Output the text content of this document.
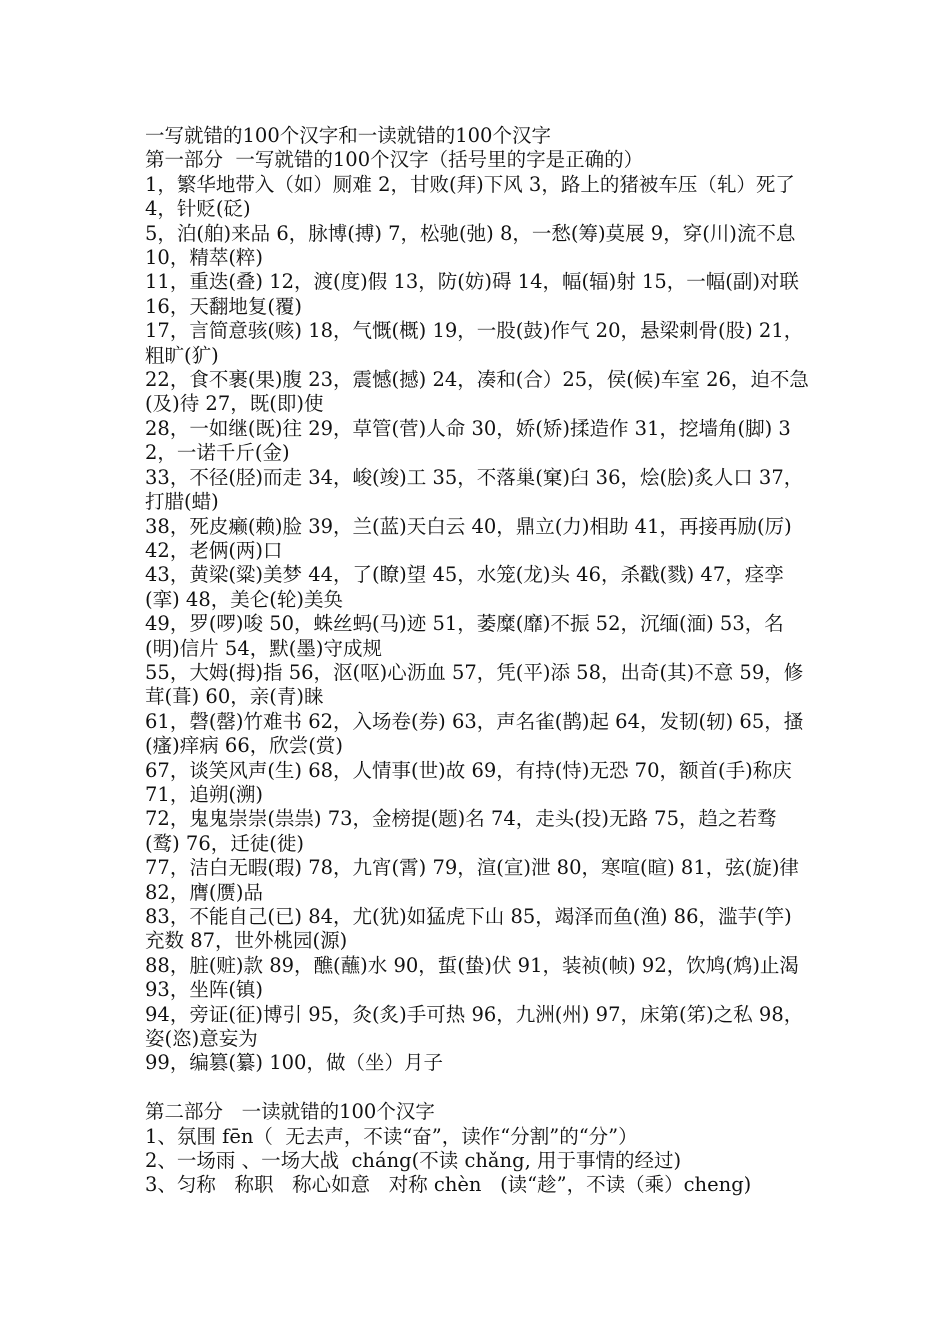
一写就错的100个汉字和一读就错的100个汉字
第一部分  一写就错的100个汉字（括号里的字是正确的）
1，繁华地带入（如）厕难 2，甘败(拜)下风 3，路上的猪被车压（轧）死了 4，针贬(砭)
5，泊(舶)来品 6，脉博(搏) 7，松驰(弛) 8，一愁(筹)莫展 9，穿(川)流不息 10，精萃(粹)
11，重迭(叠) 12，渡(度)假 13，防(妨)碍 14，幅(辐)射 15，一幅(副)对联 16，天翻地复(覆)
17，言简意骇(赅) 18，气慨(概) 19，一股(鼓)作气 20，悬梁刺骨(股) 21，粗旷(犷)
22，食不裹(果)腹 23，震憾(撼) 24，凑和(合）25，侯(候)车室 26，迫不急(及)待 27，既(即)使
28，一如继(既)往 29，草管(菅)人命 30，娇(矫)揉造作 31，挖墙角(脚) 32，一诺千斤(金)
33，不径(胫)而走 34，峻(竣)工 35，不落巢(窠)臼 36，烩(脍)炙人口 37，打腊(蜡)
38，死皮癞(赖)脸 39，兰(蓝)天白云 40，鼎立(力)相助 41，再接再励(厉) 42，老俩(两)口
43，黄梁(粱)美梦 44，了(瞭)望 45，水笼(龙)头 46，杀戳(戮) 47，痉孪(挛) 48，美仑(轮)美奂
49，罗(啰)唆 50，蛛丝蚂(马)迹 51，萎糜(靡)不振 52，沉缅(湎) 53，名(明)信片 54，默(墨)守成规
55，大姆(拇)指 56，沤(呕)心沥血 57，凭(平)添 58，出奇(其)不意 59，修茸(葺) 60，亲(青)睐
61，磬(罄)竹难书 62，入场卷(券) 63，声名雀(鹊)起 64，发韧(轫) 65，搔(瘙)痒病 66，欣尝(赏)
67，谈笑风声(生) 68，人情事(世)故 69，有持(恃)无恐 70，额首(手)称庆 71，追朔(溯)
72，鬼鬼崇崇(祟祟) 73，金榜提(题)名 74，走头(投)无路 75，趋之若骛(鹜) 76，迁徒(徙)
77，洁白无暇(瑕) 78，九宵(霄) 79，渲(宣)泄 80，寒喧(暄) 81，弦(旋)律 82，膺(赝)品
83，不能自己(已) 84，尤(犹)如猛虎下山 85，竭泽而鱼(渔) 86，滥芋(竽)充数 87，世外桃园(源)
88，脏(赃)款 89，醮(蘸)水 90，蜇(蛰)伏 91，装祯(帧) 92，饮鸠(鸩)止渴 93，坐阵(镇)
94，旁证(征)博引 95，灸(炙)手可热 96，九洲(州) 97，床第(笫)之私 98，姿(恣)意妄为
99，编篡(纂) 100，做（坐）月子
第二部分   一读就错的100个汉字
1、氛围 fēn（  无去声，不读“奋”，读作“分割”的“分”）
2、一场雨 、一场大战  cháng(不读 chǎng, 用于事情的经过)
3、匀称   称职   称心如意   对称 chèn   (读“趁”，不读（乘）cheng)
